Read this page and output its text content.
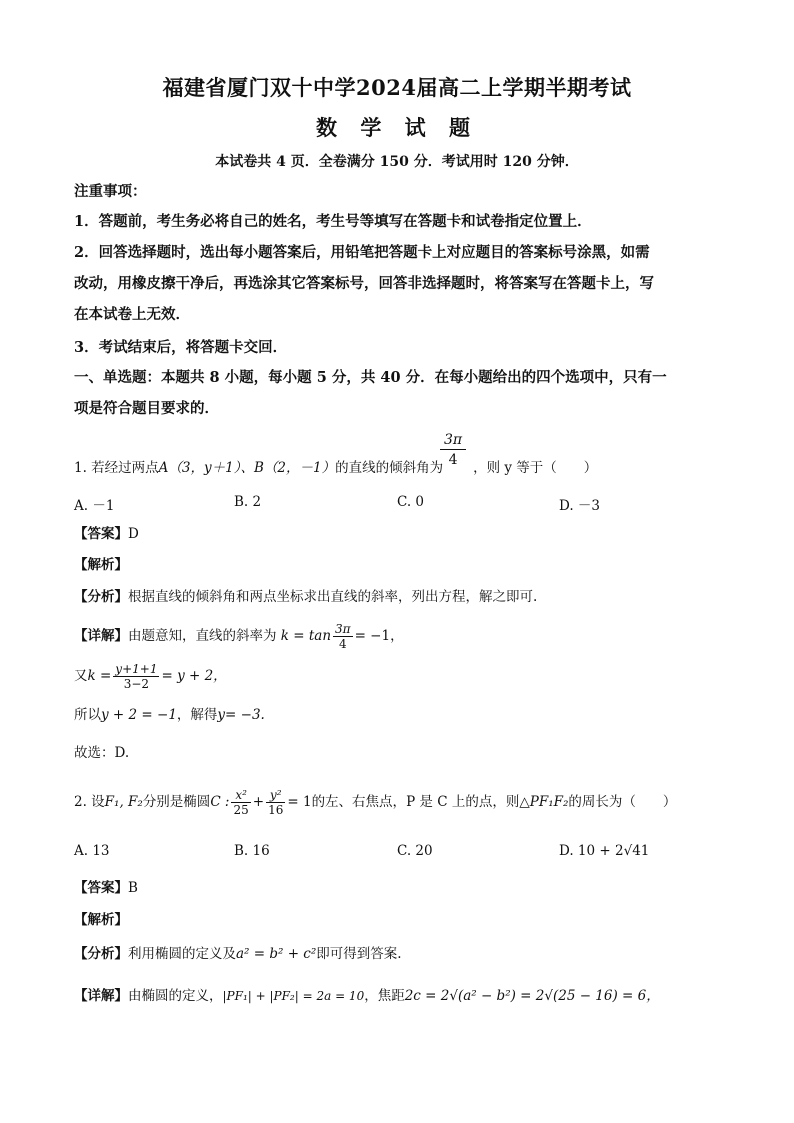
福建省厦门双十中学2024届高二上学期半期考试
数 学 试 题
本试卷共 4 页．全卷满分 150 分．考试用时 120 分钟．
注重事项：
1．答题前，考生务必将自己的姓名，考生号等填写在答题卡和试卷指定位置上．
2．回答选择题时，选出每小题答案后，用铅笔把答题卡上对应题目的答案标号涂黑，如需
改动，用橡皮擦干净后，再选涂其它答案标号，回答非选择题时，将答案写在答题卡上，写
在本试卷上无效．
3．考试结束后，将答题卡交回．
一、单选题：本题共 8 小题，每小题 5 分，共 40 分．在每小题给出的四个选项中，只有一
项是符合题目要求的．
$\frac{3\pi}{4}$
1. 若经过两点A（3，y＋1）、B（2，－1）的直线的倾斜角为 ，则 y 等于（　　）
A. －1	B. 2	C. 0	D. －3
【答案】D
【解析】
【分析】根据直线的倾斜角和两点坐标求出直线的斜率，列出方程，解之即可.
【详解】由题意知，直线的斜率为 $k = \tan \frac{3\pi}{4} = -1$，
又$k = \frac{y+1+1}{3-2} = y + 2$，
所以y + 2 = −1，解得y= −3.
故选：D.
2. 设F₁, F₂分别是椭圆C : $\frac{\text{x²}}{25} + \frac{\text{y²}}{16} = 1$的左、右焦点，P 是 C 上的点，则△PF₁F₂的周长为（　　）
A. 13	B. 16	C. 20	D. 10 + 2√41
【答案】B
【解析】
【分析】利用椭圆的定义及a² = b² + c²即可得到答案.
【详解】由椭圆的定义，|PF₁| + |PF₂| = 2a = 10，焦距2c = 2√(a² − b²) = 2√(25 − 16) = 6，
